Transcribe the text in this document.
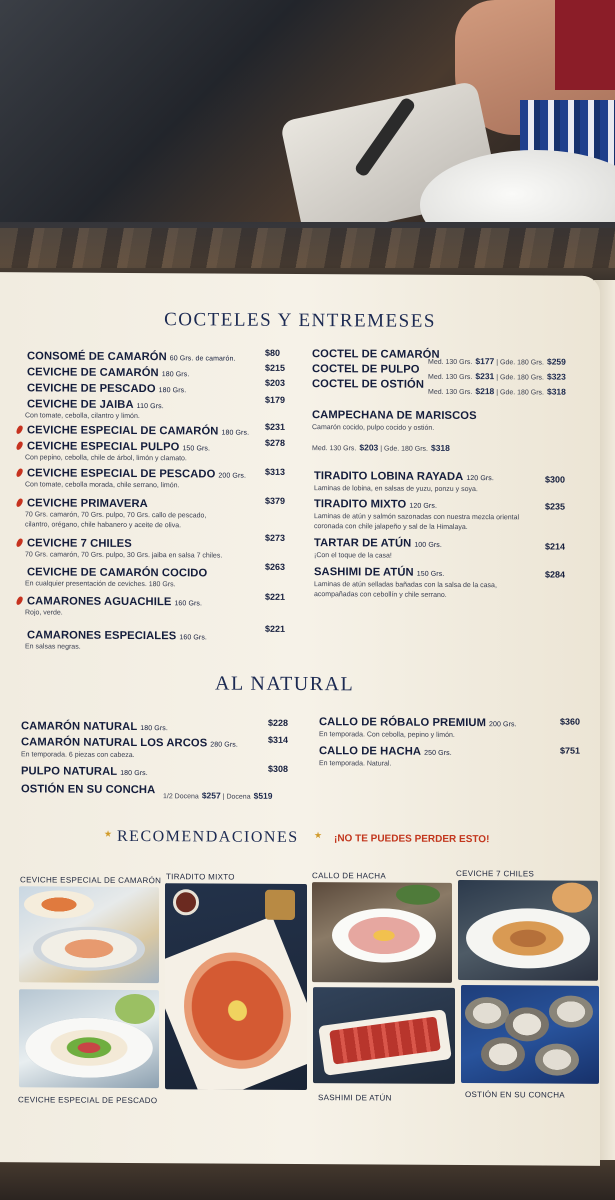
COCTELES Y ENTREMESES
AL NATURAL
★ RECOMENDACIONES ★ ¡NO TE PUEDES PERDER ESTO!
CEVICHE ESPECIAL DE CAMARÓN TIRADITO MIXTO	CALLO DE HACHA	CEVICHE 7 CHILES
CEVICHE ESPECIAL DE PESCADO	SASHIMI DE ATÚN	OSTIÓN EN SU CONCHA
CONSOMÉ DE CAMARÓN 60 Grs. de camarón.
$80
CEVICHE DE CAMARÓN 180 Grs.
$215
CEVICHE DE PESCADO 180 Grs.
$203
CEVICHE DE JAIBA 110 Grs.
Con tomate, cebolla, cilantro y limón.
$179
CEVICHE ESPECIAL DE CAMARÓN 180 Grs.
$231
CEVICHE ESPECIAL PULPO 150 Grs.
Con pepino, cebolla, chile de árbol, limón y clamato.
$278
CEVICHE ESPECIAL DE PESCADO 200 Grs.
Con tomate, cebolla morada, chile serrano, limón.
$313
CEVICHE PRIMAVERA
70 Grs. camarón, 70 Grs. pulpo, 70 Grs. callo de pescado,
cilantro, orégano, chile habanero y aceite de oliva.
$379
CEVICHE 7 CHILES
70 Grs. camarón, 70 Grs. pulpo, 30 Grs. jaiba en salsa 7 chiles.
$273
CEVICHE DE CAMARÓN COCIDO
En cualquier presentación de ceviches. 180 Grs.
$263
CAMARONES AGUACHILE 160 Grs.
Rojo, verde.
$221
CAMARONES ESPECIALES 160 Grs.
En salsas negras.
$221
COCTEL DE CAMARÓN
Med. 130 Grs. $177 | Gde. 180 Grs. $259
COCTEL DE PULPO
Med. 130 Grs. $231 | Gde. 180 Grs. $323
COCTEL DE OSTIÓN
Med. 130 Grs. $218 | Gde. 180 Grs. $318
CAMPECHANA DE MARISCOS
Camarón cocido, pulpo cocido y ostión.
Med. 130 Grs. $203 | Gde. 180 Grs. $318
TIRADITO LOBINA RAYADA 120 Grs.
Laminas de lobina, en salsas de yuzu, ponzu y soya.
$300
TIRADITO MIXTO 120 Grs.
Laminas de atún y salmón sazonadas con nuestra mezcla oriental
coronada con chile jalapeño y sal de la Himalaya.
$235
TARTAR DE ATÚN 100 Grs.
¡Con el toque de la casa!
$214
SASHIMI DE ATÚN 150 Grs.
Laminas de atún selladas bañadas con la salsa de la casa,
acompañadas con cebollín y chile serrano.
$284
CAMARÓN NATURAL 180 Grs.
$228
CAMARÓN NATURAL LOS ARCOS 280 Grs.
En temporada. 6 piezas con cabeza.
$314
PULPO NATURAL 180 Grs.	$308
OSTIÓN EN SU CONCHA
1/2 Docena $257 | Docena $519
CALLO DE RÓBALO PREMIUM 200 Grs.
En temporada. Con cebolla, pepino y limón.
$360
CALLO DE HACHA 250 Grs.
En temporada. Natural.
$751
